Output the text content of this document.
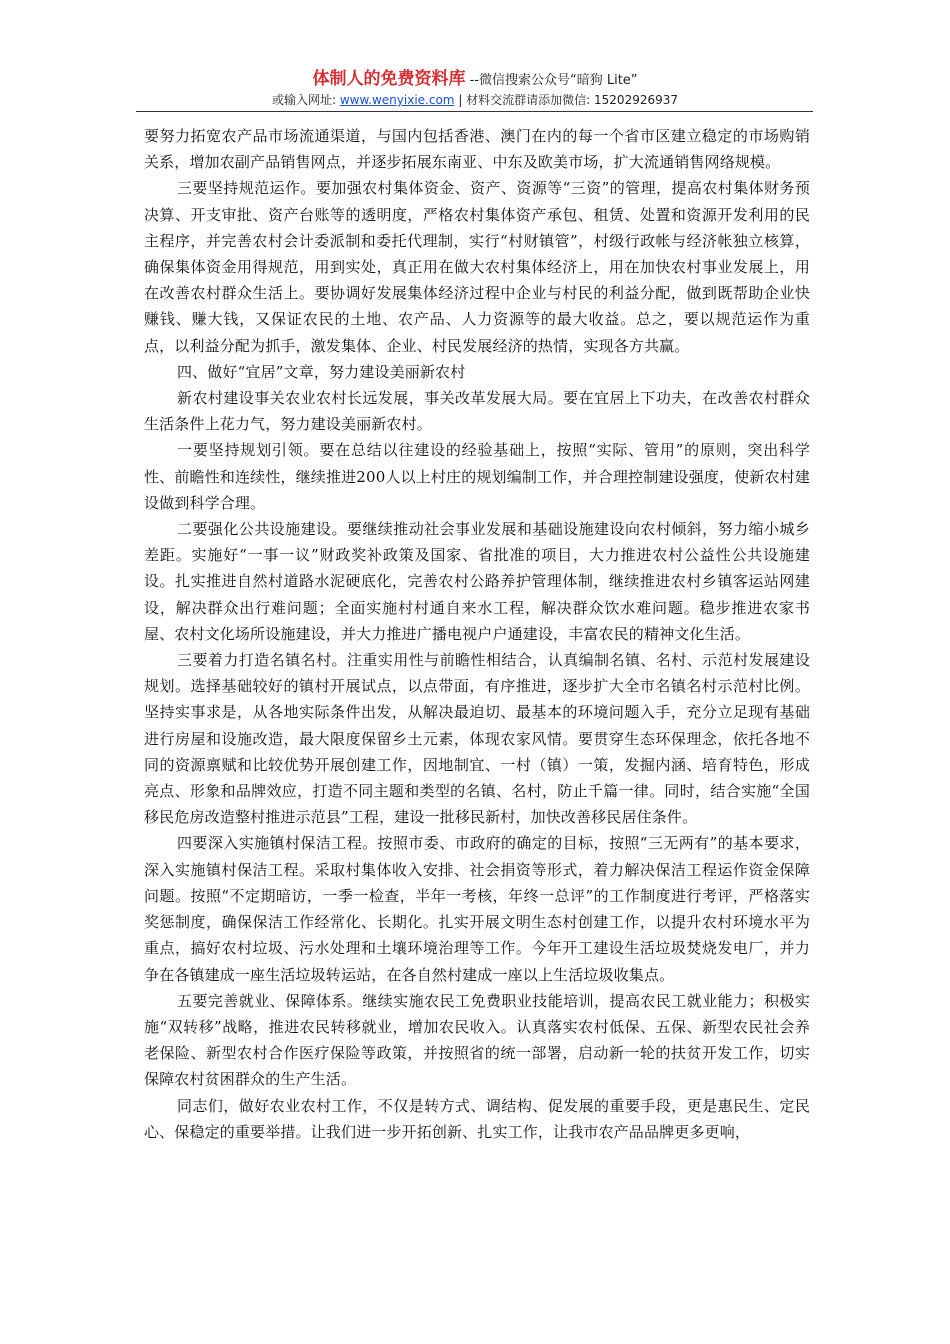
体制人的免费资料库 --微信搜索公众号“暗狗 Lite”
或输入网址: www.wenyixie.com | 材料交流群请添加微信: 15202926937

要努力拓宽农产品市场流通渠道，与国内包括香港、澳门在内的每一个省市区建立稳定的市场购销关系，增加农副产品销售网点，并逐步拓展东南亚、中东及欧美市场，扩大流通销售网络规模。

三要坚持规范运作。要加强农村集体资金、资产、资源等“三资”的管理，提高农村集体财务预决算、开支审批、资产台账等的透明度，严格农村集体资产承包、租赁、处置和资源开发利用的民主程序，并完善农村会计委派制和委托代理制，实行“村财镇管”，村级行政帐与经济帐独立核算，确保集体资金用得规范，用到实处，真正用在做大农村集体经济上，用在加快农村事业发展上，用在改善农村群众生活上。要协调好发展集体经济过程中企业与村民的利益分配，做到既帮助企业快赚钱、赚大钱，又保证农民的土地、农产品、人力资源等的最大收益。总之，要以规范运作为重点，以利益分配为抓手，激发集体、企业、村民发展经济的热情，实现各方共赢。

四、做好“宜居”文章，努力建设美丽新农村

新农村建设事关农业农村长远发展，事关改革发展大局。要在宜居上下功夫，在改善农村群众生活条件上花力气，努力建设美丽新农村。

一要坚持规划引领。要在总结以往建设的经验基础上，按照“实际、管用”的原则，突出科学性、前瞻性和连续性，继续推进200人以上村庄的规划编制工作，并合理控制建设强度，使新农村建设做到科学合理。

二要强化公共设施建设。要继续推动社会事业发展和基础设施建设向农村倾斜，努力缩小城乡差距。实施好“一事一议”财政奖补政策及国家、省批准的项目，大力推进农村公益性公共设施建设。扎实推进自然村道路水泥硬底化，完善农村公路养护管理体制，继续推进农村乡镇客运站网建设，解决群众出行难问题；全面实施村村通自来水工程，解决群众饮水难问题。稳步推进农家书屋、农村文化场所设施建设，并大力推进广播电视户户通建设，丰富农民的精神文化生活。

三要着力打造名镇名村。注重实用性与前瞻性相结合，认真编制名镇、名村、示范村发展建设规划。选择基础较好的镇村开展试点，以点带面，有序推进，逐步扩大全市名镇名村示范村比例。坚持实事求是，从各地实际条件出发，从解决最迫切、最基本的环境问题入手，充分立足现有基础进行房屋和设施改造，最大限度保留乡土元素，体现农家风情。要贯穿生态环保理念，依托各地不同的资源禀赋和比较优势开展创建工作，因地制宜、一村（镇）一策，发掘内涵、培育特色，形成亮点、形象和品牌效应，打造不同主题和类型的名镇、名村，防止千篇一律。同时，结合实施“全国移民危房改造整村推进示范县”工程，建设一批移民新村，加快改善移民居住条件。

四要深入实施镇村保洁工程。按照市委、市政府的确定的目标，按照“三无两有”的基本要求，深入实施镇村保洁工程。采取村集体收入安排、社会捐资等形式，着力解决保洁工程运作资金保障问题。按照“不定期暗访，一季一检查，半年一考核，年终一总评”的工作制度进行考评，严格落实奖惩制度，确保保洁工作经常化、长期化。扎实开展文明生态村创建工作，以提升农村环境水平为重点，搞好农村垃圾、污水处理和土壤环境治理等工作。今年开工建设生活垃圾焚烧发电厂，并力争在各镇建成一座生活垃圾转运站，在各自然村建成一座以上生活垃圾收集点。

五要完善就业、保障体系。继续实施农民工免费职业技能培训，提高农民工就业能力；积极实施“双转移”战略，推进农民转移就业，增加农民收入。认真落实农村低保、五保、新型农民社会养老保险、新型农村合作医疗保险等政策，并按照省的统一部署，启动新一轮的扶贫开发工作，切实保障农村贫困群众的生产生活。

同志们，做好农业农村工作，不仅是转方式、调结构、促发展的重要手段，更是惠民生、定民心、保稳定的重要举措。让我们进一步开拓创新、扎实工作，让我市农产品品牌更多更响，
